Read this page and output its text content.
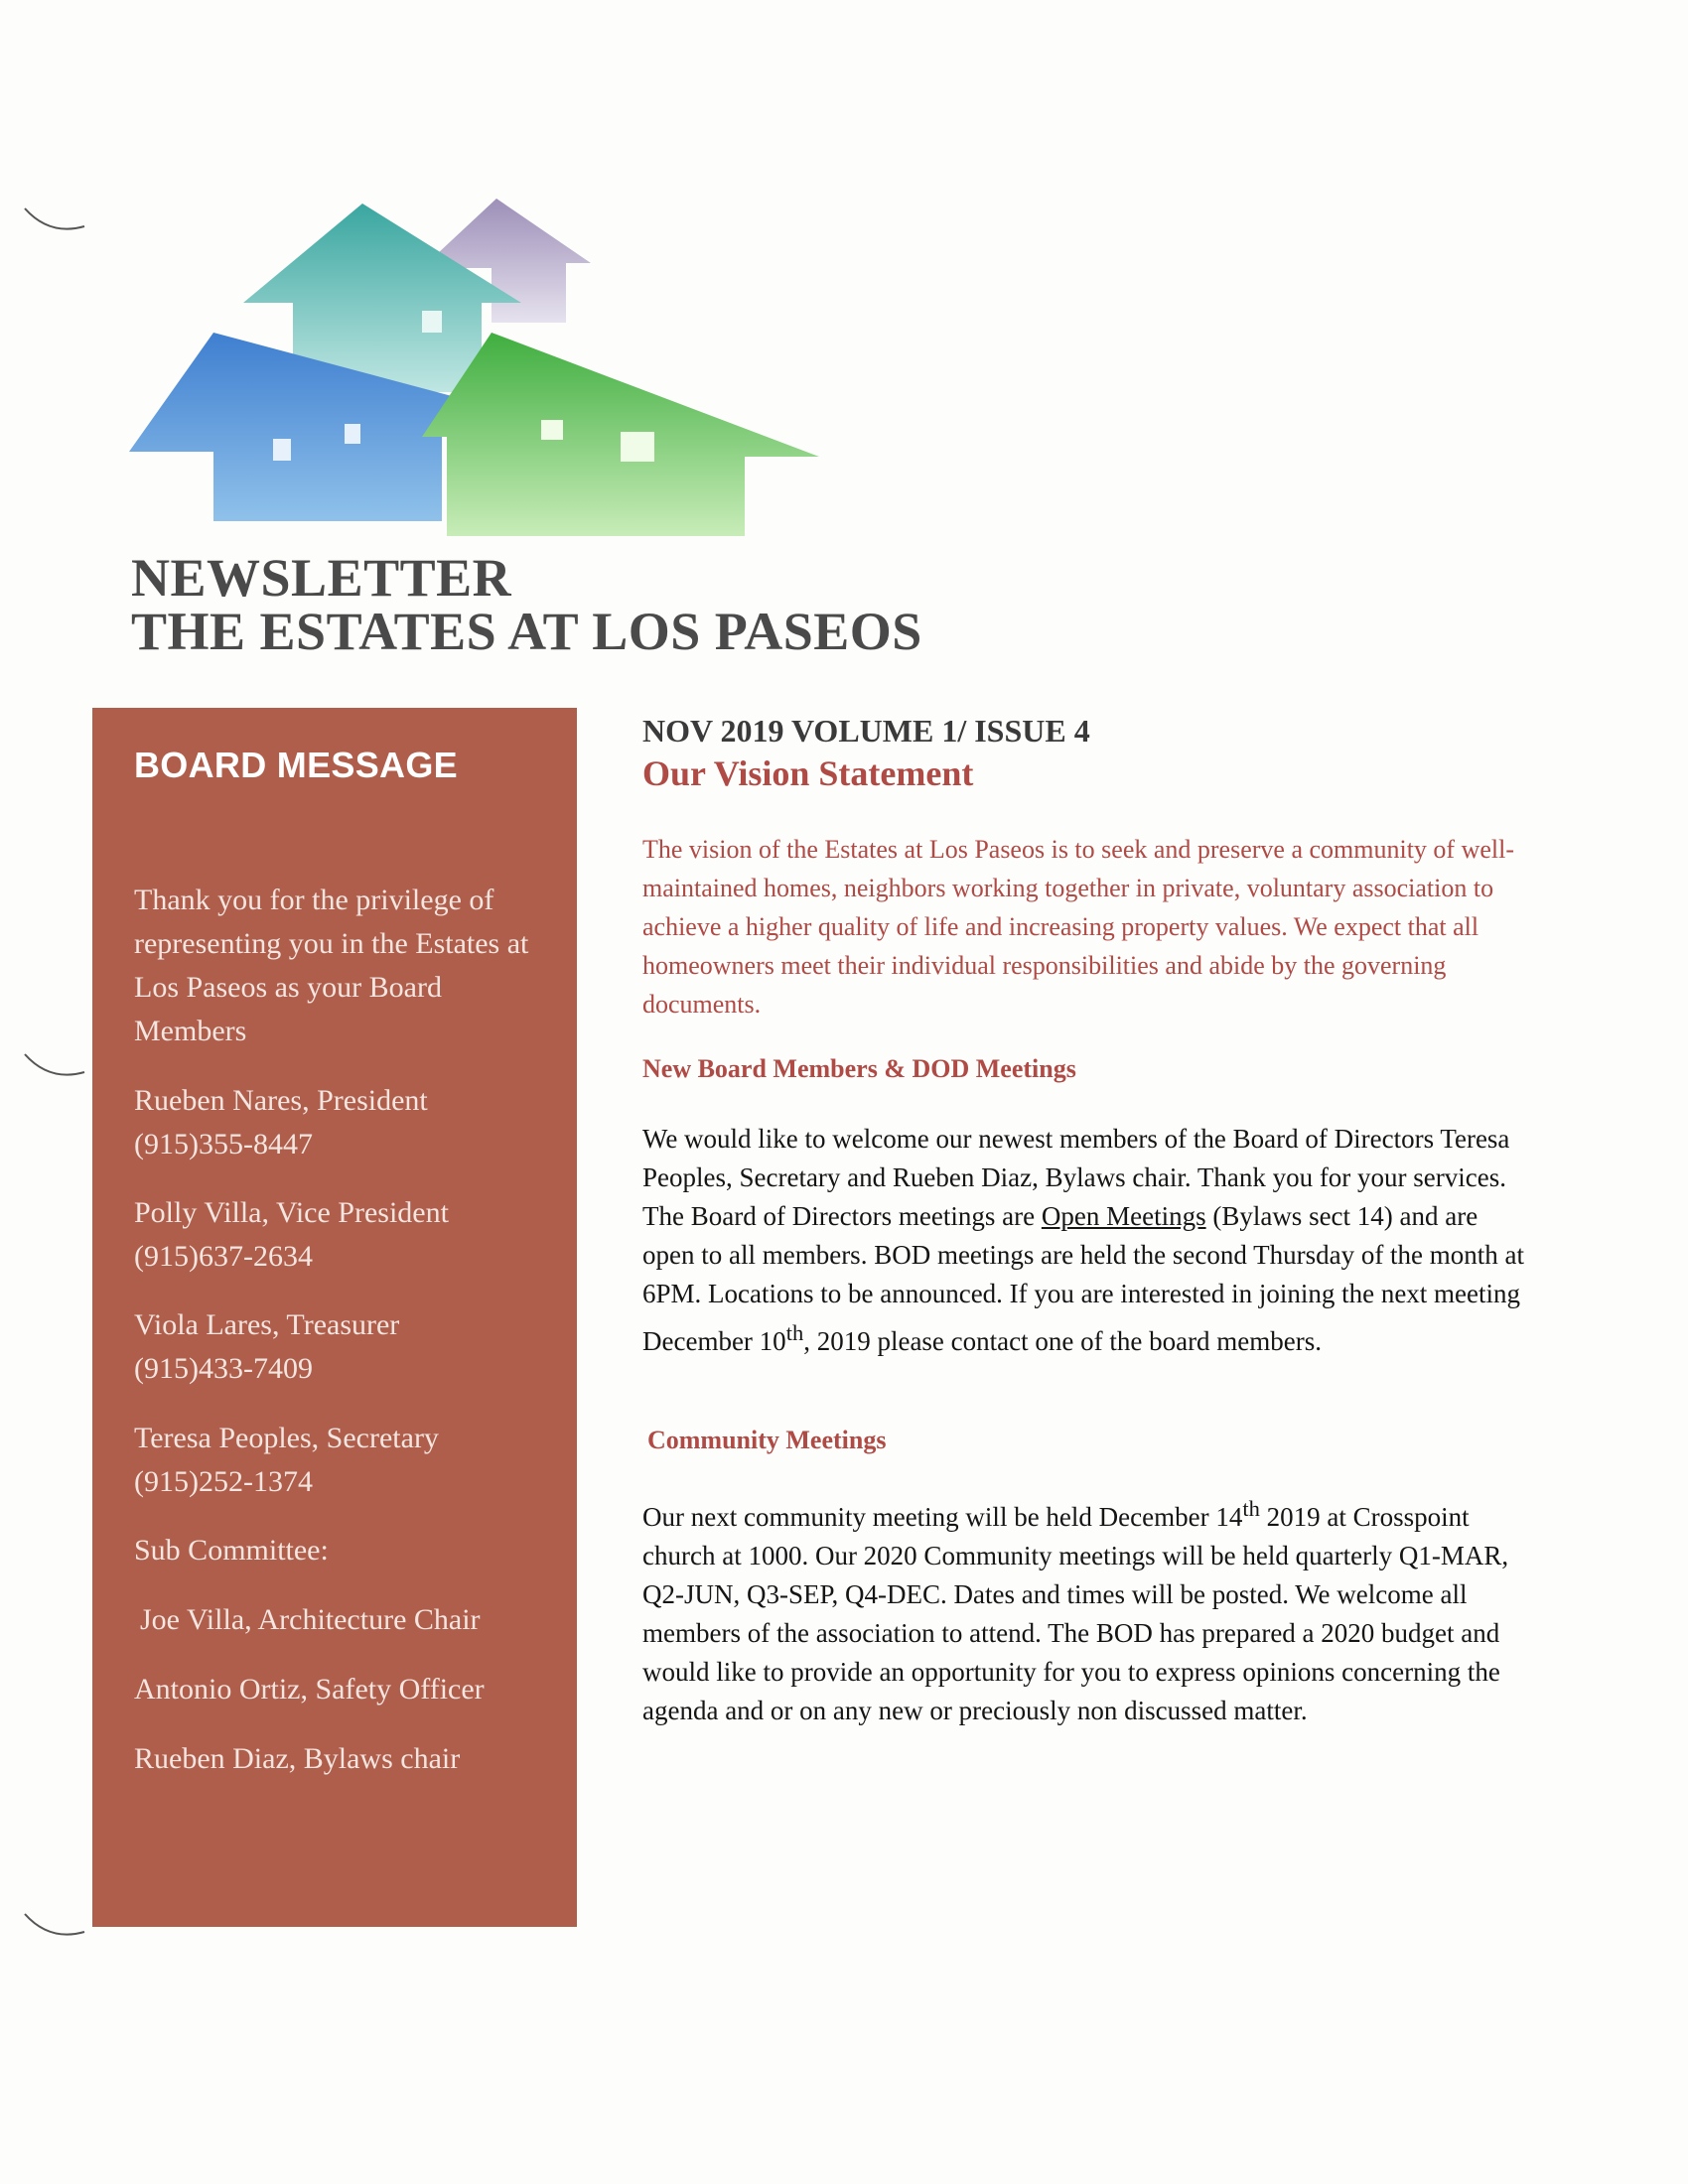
NEWSLETTER
THE ESTATES AT LOS PASEOS
BOARD MESSAGE

Thank you for the privilege of representing you in the Estates at Los Paseos as your Board Members

Rueben Nares, President

(915)355-8447

Polly Villa, Vice President

(915)637-2634

Viola Lares, Treasurer

(915)433-7409

Teresa Peoples, Secretary

(915)252-1374

Sub Committee:

Joe Villa, Architecture Chair

Antonio Ortiz, Safety Officer

Rueben Diaz, Bylaws chair

NOV 2019 VOLUME 1/ ISSUE 4
Our Vision Statement

The vision of the Estates at Los Paseos is to seek and preserve a community of well-maintained homes, neighbors working together in private, voluntary association to achieve a higher quality of life and increasing property values. We expect that all homeowners meet their individual responsibilities and abide by the governing documents.

New Board Members & DOD Meetings

We would like to welcome our newest members of the Board of Directors Teresa Peoples, Secretary and Rueben Diaz, Bylaws chair. Thank you for your services. The Board of Directors meetings are Open Meetings (Bylaws sect 14) and are open to all members. BOD meetings are held the second Thursday of the month at 6PM. Locations to be announced. If you are interested in joining the next meeting December 10th, 2019 please contact one of the board members.

Community Meetings

Our next community meeting will be held December 14th 2019 at Crosspoint church at 1000. Our 2020 Community meetings will be held quarterly Q1-MAR, Q2-JUN, Q3-SEP, Q4-DEC. Dates and times will be posted. We welcome all members of the association to attend. The BOD has prepared a 2020 budget and would like to provide an opportunity for you to express opinions concerning the agenda and or on any new or preciously non discussed matter.
